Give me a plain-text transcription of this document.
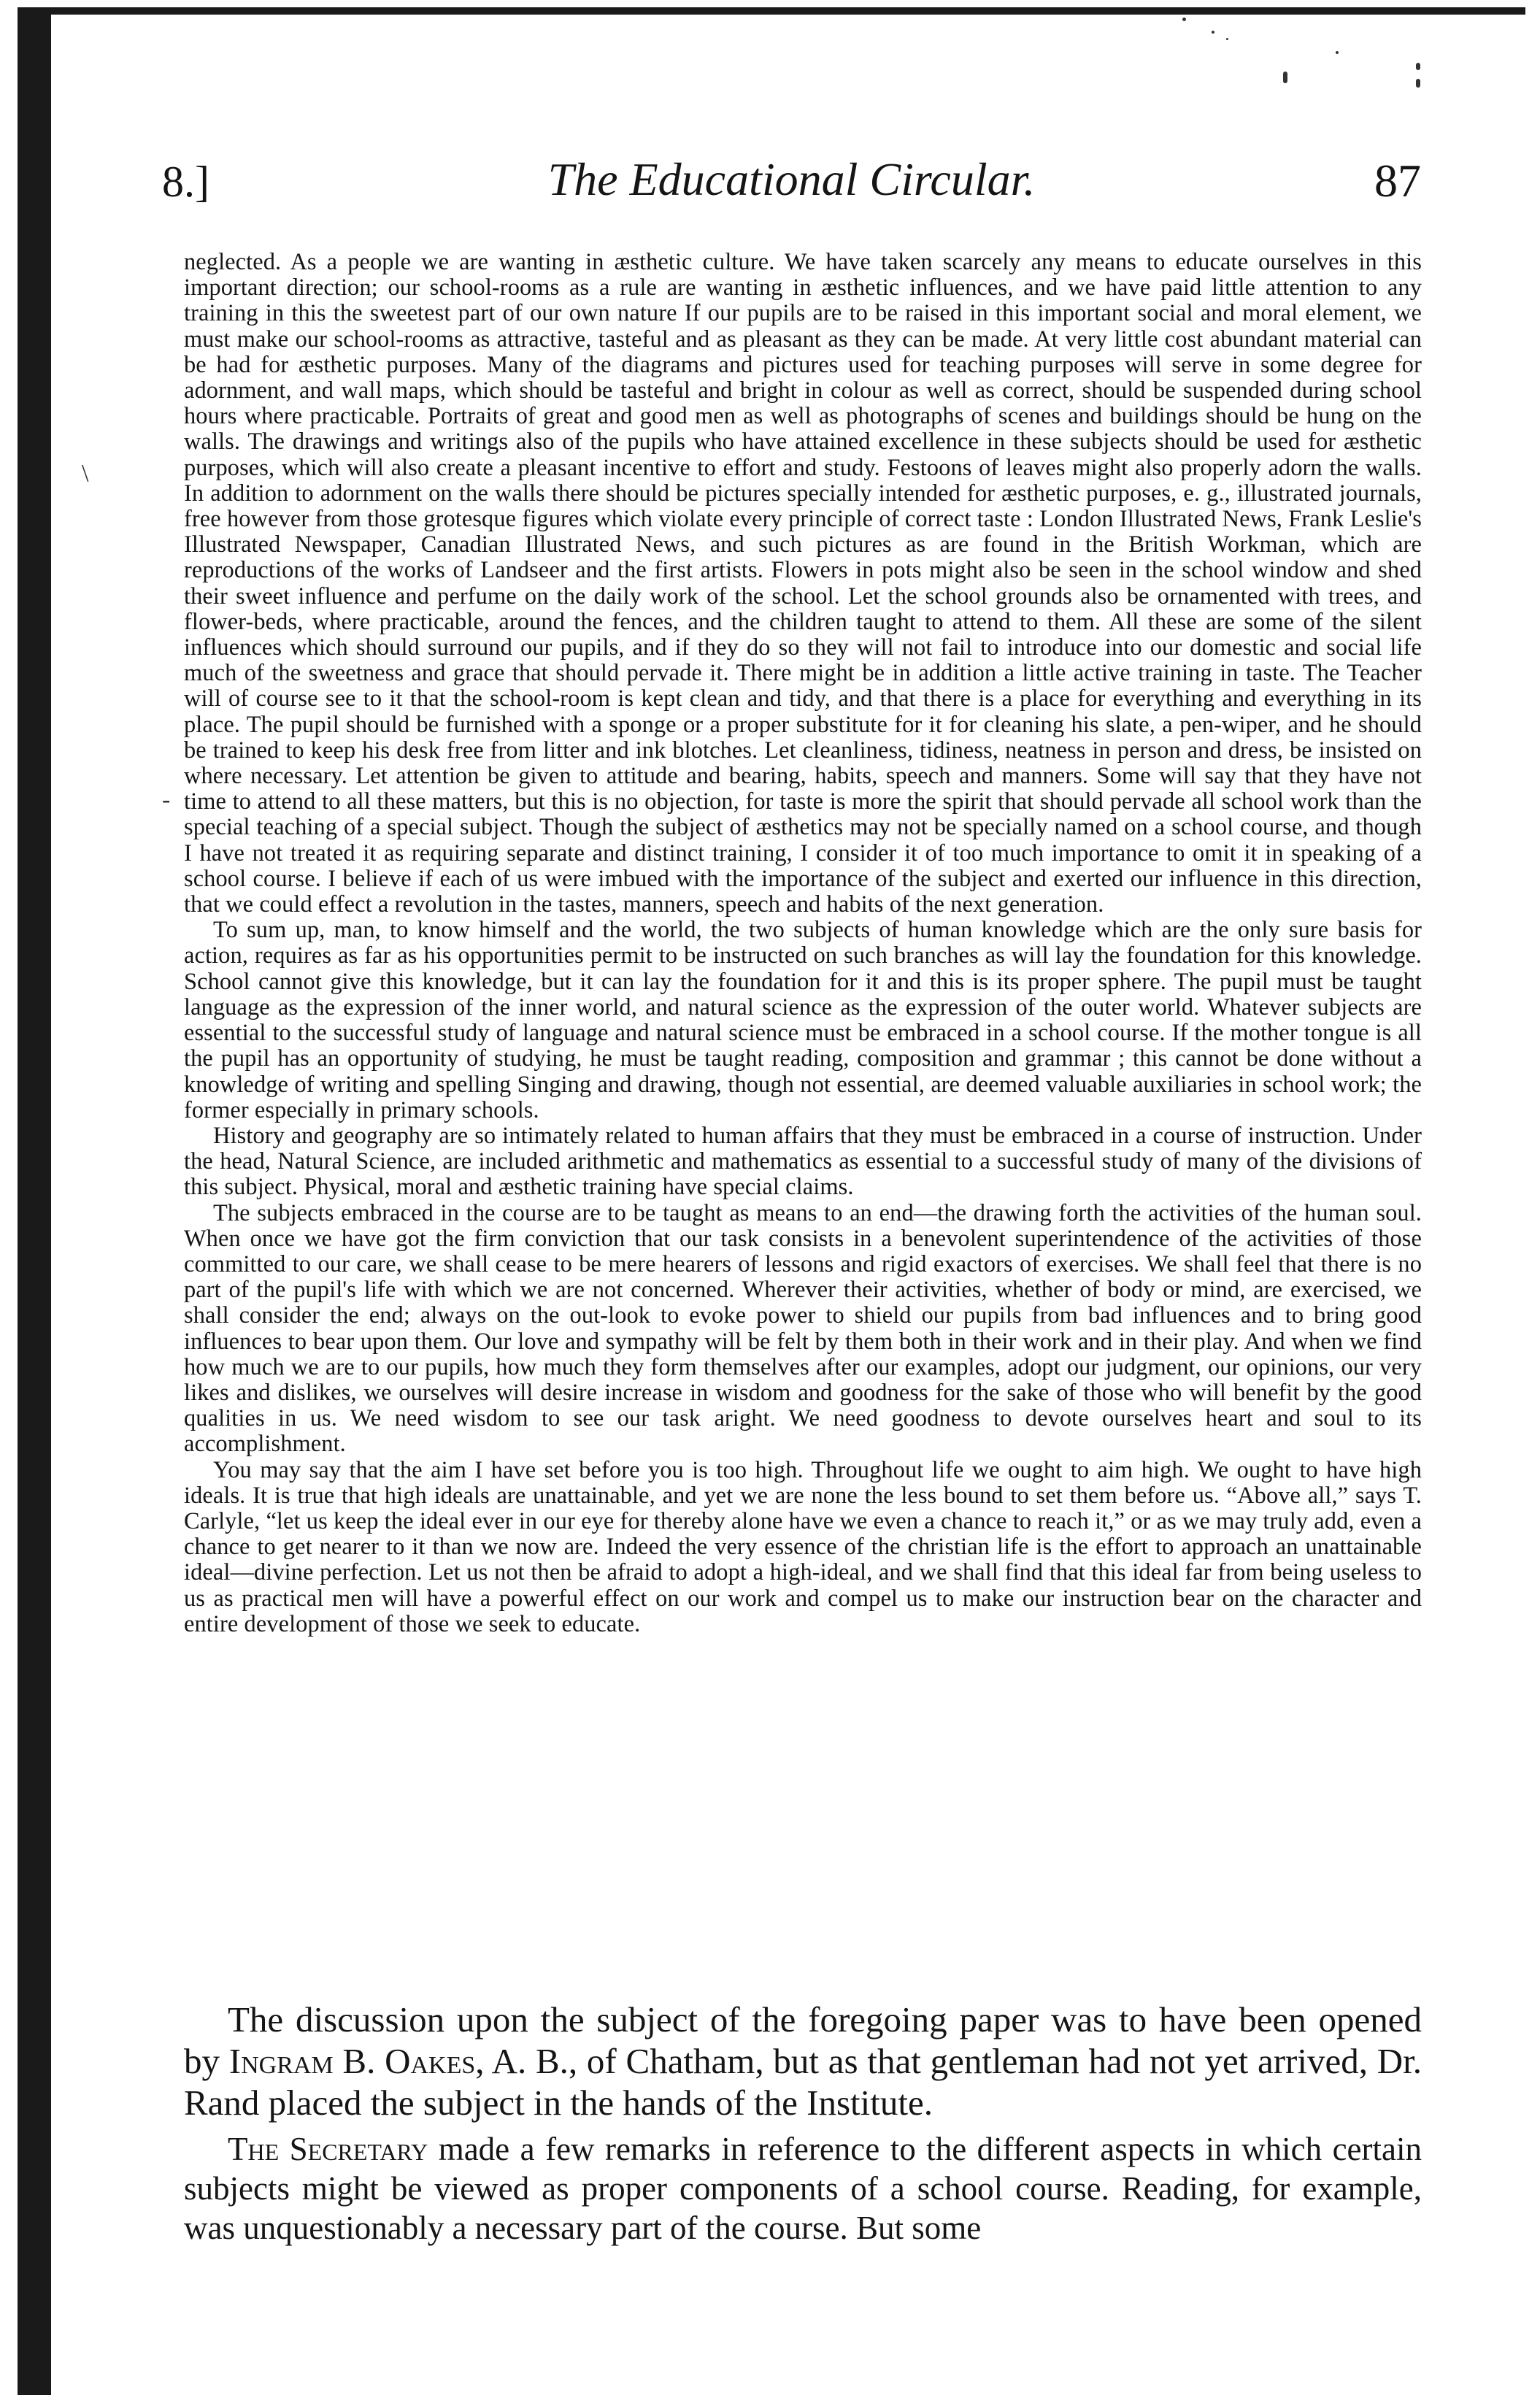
\
-
8.]	The Educational Circular.	87

neglected. As a people we are wanting in æsthetic culture. We have taken scarcely any means to educate ourselves in this important direction; our school-rooms as a rule are wanting in æsthetic influences, and we have paid little attention to any training in this the sweetest part of our own nature If our pupils are to be raised in this important social and moral element, we must make our school-rooms as attractive, tasteful and as pleasant as they can be made. At very little cost abundant material can be had for æsthetic purposes. Many of the diagrams and pictures used for teaching purposes will serve in some degree for adornment, and wall maps, which should be tasteful and bright in colour as well as correct, should be suspended during school hours where practicable. Portraits of great and good men as well as photographs of scenes and buildings should be hung on the walls. The drawings and writings also of the pupils who have attained excellence in these subjects should be used for æsthetic purposes, which will also create a pleasant incentive to effort and study. Festoons of leaves might also properly adorn the walls. In addition to adornment on the walls there should be pictures specially intended for æsthetic purposes, e. g., illustrated journals, free however from those grotesque figures which violate every principle of correct taste : London Illustrated News, Frank Leslie's Illustrated Newspaper, Canadian Illustrated News, and such pictures as are found in the British Workman, which are reproductions of the works of Landseer and the first artists. Flowers in pots might also be seen in the school window and shed their sweet influence and perfume on the daily work of the school. Let the school grounds also be ornamented with trees, and flower-beds, where practicable, around the fences, and the children taught to attend to them. All these are some of the silent influences which should surround our pupils, and if they do so they will not fail to introduce into our domestic and social life much of the sweetness and grace that should pervade it. There might be in addition a little active training in taste. The Teacher will of course see to it that the school-room is kept clean and tidy, and that there is a place for everything and everything in its place. The pupil should be furnished with a sponge or a proper substitute for it for cleaning his slate, a pen-wiper, and he should be trained to keep his desk free from litter and ink blotches. Let cleanliness, tidiness, neatness in person and dress, be insisted on where necessary. Let attention be given to attitude and bearing, habits, speech and manners. Some will say that they have not time to attend to all these matters, but this is no objection, for taste is more the spirit that should pervade all school work than the special teaching of a special subject. Though the subject of æsthetics may not be specially named on a school course, and though I have not treated it as requiring separate and distinct training, I consider it of too much importance to omit it in speaking of a school course. I believe if each of us were imbued with the importance of the subject and exerted our influence in this direction, that we could effect a revolution in the tastes, manners, speech and habits of the next generation.

To sum up, man, to know himself and the world, the two subjects of human knowledge which are the only sure basis for action, requires as far as his opportunities permit to be instructed on such branches as will lay the foundation for this knowledge. School cannot give this knowledge, but it can lay the foundation for it and this is its proper sphere. The pupil must be taught language as the expression of the inner world, and natural science as the expression of the outer world. Whatever subjects are essential to the successful study of language and natural science must be embraced in a school course. If the mother tongue is all the pupil has an opportunity of studying, he must be taught reading, composition and grammar ; this cannot be done without a knowledge of writing and spelling Singing and drawing, though not essential, are deemed valuable auxiliaries in school work; the former especially in primary schools.

History and geography are so intimately related to human affairs that they must be embraced in a course of instruction. Under the head, Natural Science, are included arithmetic and mathematics as essential to a successful study of many of the divisions of this subject. Physical, moral and æsthetic training have special claims.

The subjects embraced in the course are to be taught as means to an end—the drawing forth the activities of the human soul. When once we have got the firm conviction that our task consists in a benevolent superintendence of the activities of those committed to our care, we shall cease to be mere hearers of lessons and rigid exactors of exercises. We shall feel that there is no part of the pupil's life with which we are not concerned. Wherever their activities, whether of body or mind, are exercised, we shall consider the end; always on the out-look to evoke power to shield our pupils from bad influences and to bring good influences to bear upon them. Our love and sympathy will be felt by them both in their work and in their play. And when we find how much we are to our pupils, how much they form themselves after our examples, adopt our judgment, our opinions, our very likes and dislikes, we ourselves will desire increase in wisdom and goodness for the sake of those who will benefit by the good qualities in us. We need wisdom to see our task aright. We need goodness to devote ourselves heart and soul to its accomplishment.

You may say that the aim I have set before you is too high. Throughout life we ought to aim high. We ought to have high ideals. It is true that high ideals are unattainable, and yet we are none the less bound to set them before us. “Above all,” says T. Carlyle, “let us keep the ideal ever in our eye for thereby alone have we even a chance to reach it,” or as we may truly add, even a chance to get nearer to it than we now are. Indeed the very essence of the christian life is the effort to approach an unattainable ideal—divine perfection. Let us not then be afraid to adopt a high-ideal, and we shall find that this ideal far from being useless to us as practical men will have a powerful effect on our work and compel us to make our instruction bear on the character and entire development of those we seek to educate.

The discussion upon the subject of the foregoing paper was to have been opened by Ingram B. Oakes, A. B., of Chatham, but as that gentleman had not yet arrived, Dr. Rand placed the subject in the hands of the Institute.

The Secretary made a few remarks in reference to the different aspects in which certain subjects might be viewed as proper components of a school course. Reading, for example, was unquestionably a necessary part of the course. But some
